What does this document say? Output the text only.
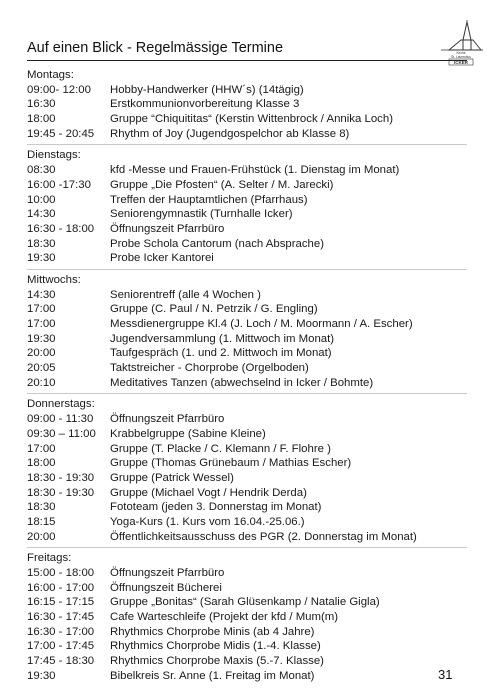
Auf einen Blick - Regelmässige Termine	Kirche
St. Laurentius
ICKER
Montags:
09:00- 12:00 Hobby-Handwerker (HHW´s) (14tägig)
16:30	Erstkommunionvorbereitung Klasse 3
18:00	Gruppe “Chiquititas“ (Kerstin Wittenbrock / Annika Loch)
19:45 - 20:45 Rhythm of Joy (Jugendgospelchor ab Klasse 8)
Dienstags:
08:30	kfd -Messe und Frauen-Frühstück (1. Dienstag im Monat)
16:00 -17:30 Gruppe „Die Pfosten“ (A. Selter / M. Jarecki)
10:00	Treffen der Hauptamtlichen (Pfarrhaus)
14:30	Seniorengymnastik (Turnhalle Icker)
16:30 - 18:00 Öffnungszeit Pfarrbüro
18:30	Probe Schola Cantorum (nach Absprache)
19:30	Probe Icker Kantorei
Mittwochs:
14:30	Seniorentreff (alle 4 Wochen )
17:00	Gruppe (C. Paul / N. Petrzik / G. Engling)
17:00	Messdienergruppe Kl.4 (J. Loch / M. Moormann / A. Escher)
19:30	Jugendversammlung (1. Mittwoch im Monat)
20:00	Taufgespräch (1. und 2. Mittwoch im Monat)
20:05	Taktstreicher - Chorprobe (Orgelboden)
20:10	Meditatives Tanzen (abwechselnd in Icker / Bohmte)
Donnerstags:
09:00 - 11:30 Öffnungszeit Pfarrbüro
09:30 – 11:00 Krabbelgruppe (Sabine Kleine)
17:00	Gruppe (T. Placke / C. Klemann / F. Flohre )
18:00	Gruppe (Thomas Grünebaum / Mathias Escher)
18:30 - 19:30 Gruppe (Patrick Wessel)
18:30 - 19:30 Gruppe (Michael Vogt / Hendrik Derda)
18:30	Fototeam (jeden 3. Donnerstag im Monat)
18:15	Yoga-Kurs (1. Kurs vom 16.04.-25.06.)
20:00	Öffentlichkeitsausschuss des PGR (2. Donnerstag im Monat)
Freitags:
15:00 - 18:00 Öffnungszeit Pfarrbüro
16:00 - 17:00 Öffnungszeit Bücherei
16:15 - 17:15 Gruppe „Bonitas“ (Sarah Glüsenkamp / Natalie Gigla)
16:30 - 17:45 Cafe Warteschleife (Projekt der kfd / Mum(m)
16:30 - 17:00 Rhythmics Chorprobe Minis (ab 4 Jahre)
17:00 - 17:45 Rhythmics Chorprobe Midis (1.-4. Klasse)
17:45 - 18:30 Rhythmics Chorprobe Maxis (5.-7. Klasse)
19:30	Bibelkreis Sr. Anne (1. Freitag im Monat)	31
